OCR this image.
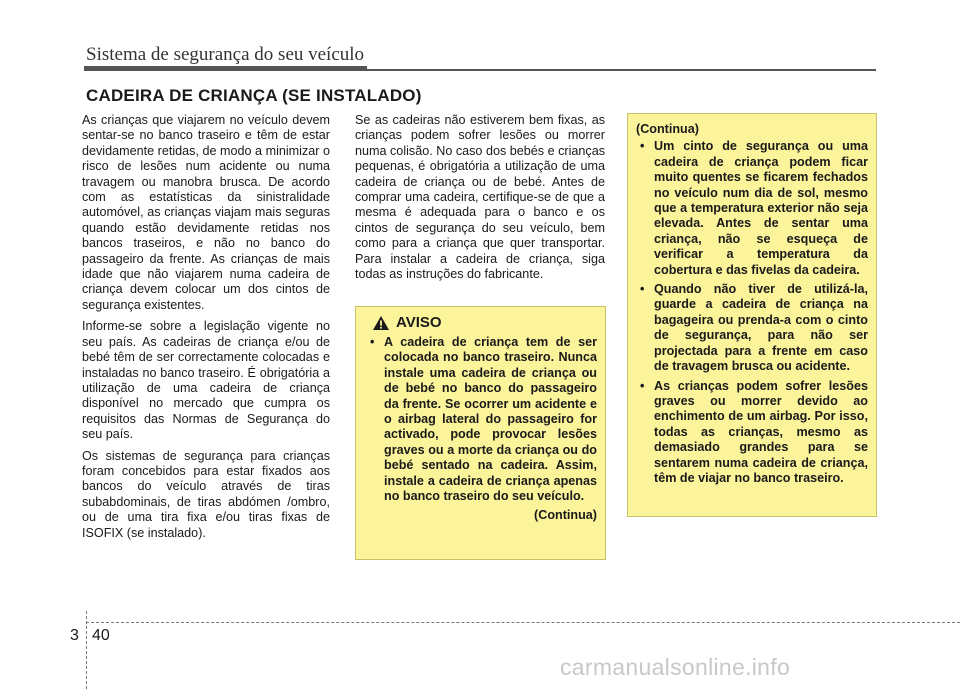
Sistema de segurança do seu veículo
CADEIRA DE CRIANÇA (SE INSTALADO)

As crianças que viajarem no veículo devem sentar-se no banco traseiro e têm de estar devidamente retidas, de modo a minimizar o risco de lesões num acidente ou numa travagem ou manobra brusca. De acordo com as estatísticas da sinistralidade automóvel, as crianças viajam mais seguras quando estão devidamente retidas nos bancos traseiros, e não no banco do passageiro da frente. As crianças de mais idade que não viajarem numa cadeira de criança devem colocar um dos cintos de segurança existentes.

Informe-se sobre a legislação vigente no seu país. As cadeiras de criança e/ou de bebé têm de ser correctamente colocadas e instaladas no banco traseiro. É obrigatória a utilização de uma cadeira de criança disponível no mercado que cumpra os requisitos das Normas de Segurança do seu país.

Os sistemas de segurança para crianças foram concebidos para estar fixados aos bancos do veículo através de tiras subabdominais, de tiras abdómen /ombro, ou de uma tira fixa e/ou tiras fixas de ISOFIX (se instalado).

Se as cadeiras não estiverem bem fixas, as crianças podem sofrer lesões ou morrer numa colisão. No caso dos bebés e crianças pequenas, é obrigatória a utilização de uma cadeira de criança ou de bebé. Antes de comprar uma cadeira, certifique-se de que a mesma é adequada para o banco e os cintos de segurança do seu veículo, bem como para a criança que quer transportar. Para instalar a cadeira de criança, siga todas as instruções do fabricante.

AVISO
• A cadeira de criança tem de ser colocada no banco traseiro. Nunca instale uma cadeira de criança ou de bebé no banco do passageiro da frente. Se ocorrer um acidente e o airbag lateral do passageiro for activado, pode provocar lesões graves ou a morte da criança ou do bebé sentado na cadeira. Assim, instale a cadeira de criança apenas no banco traseiro do seu veículo.
(Continua)
(Continua)
• Um cinto de segurança ou uma cadeira de criança podem ficar muito quentes se ficarem fechados no veículo num dia de sol, mesmo que a temperatura exterior não seja elevada. Antes de sentar uma criança, não se esqueça de verificar a temperatura da cobertura e das fivelas da cadeira.
• Quando não tiver de utilizá-la, guarde a cadeira de criança na bagageira ou prenda-a com o cinto de segurança, para não ser projectada para a frente em caso de travagem brusca ou acidente.
• As crianças podem sofrer lesões graves ou morrer devido ao enchimento de um airbag. Por isso, todas as crianças, mesmo as demasiado grandes para se sentarem numa cadeira de criança, têm de viajar no banco traseiro.
3 40
carmanualsonline.info
